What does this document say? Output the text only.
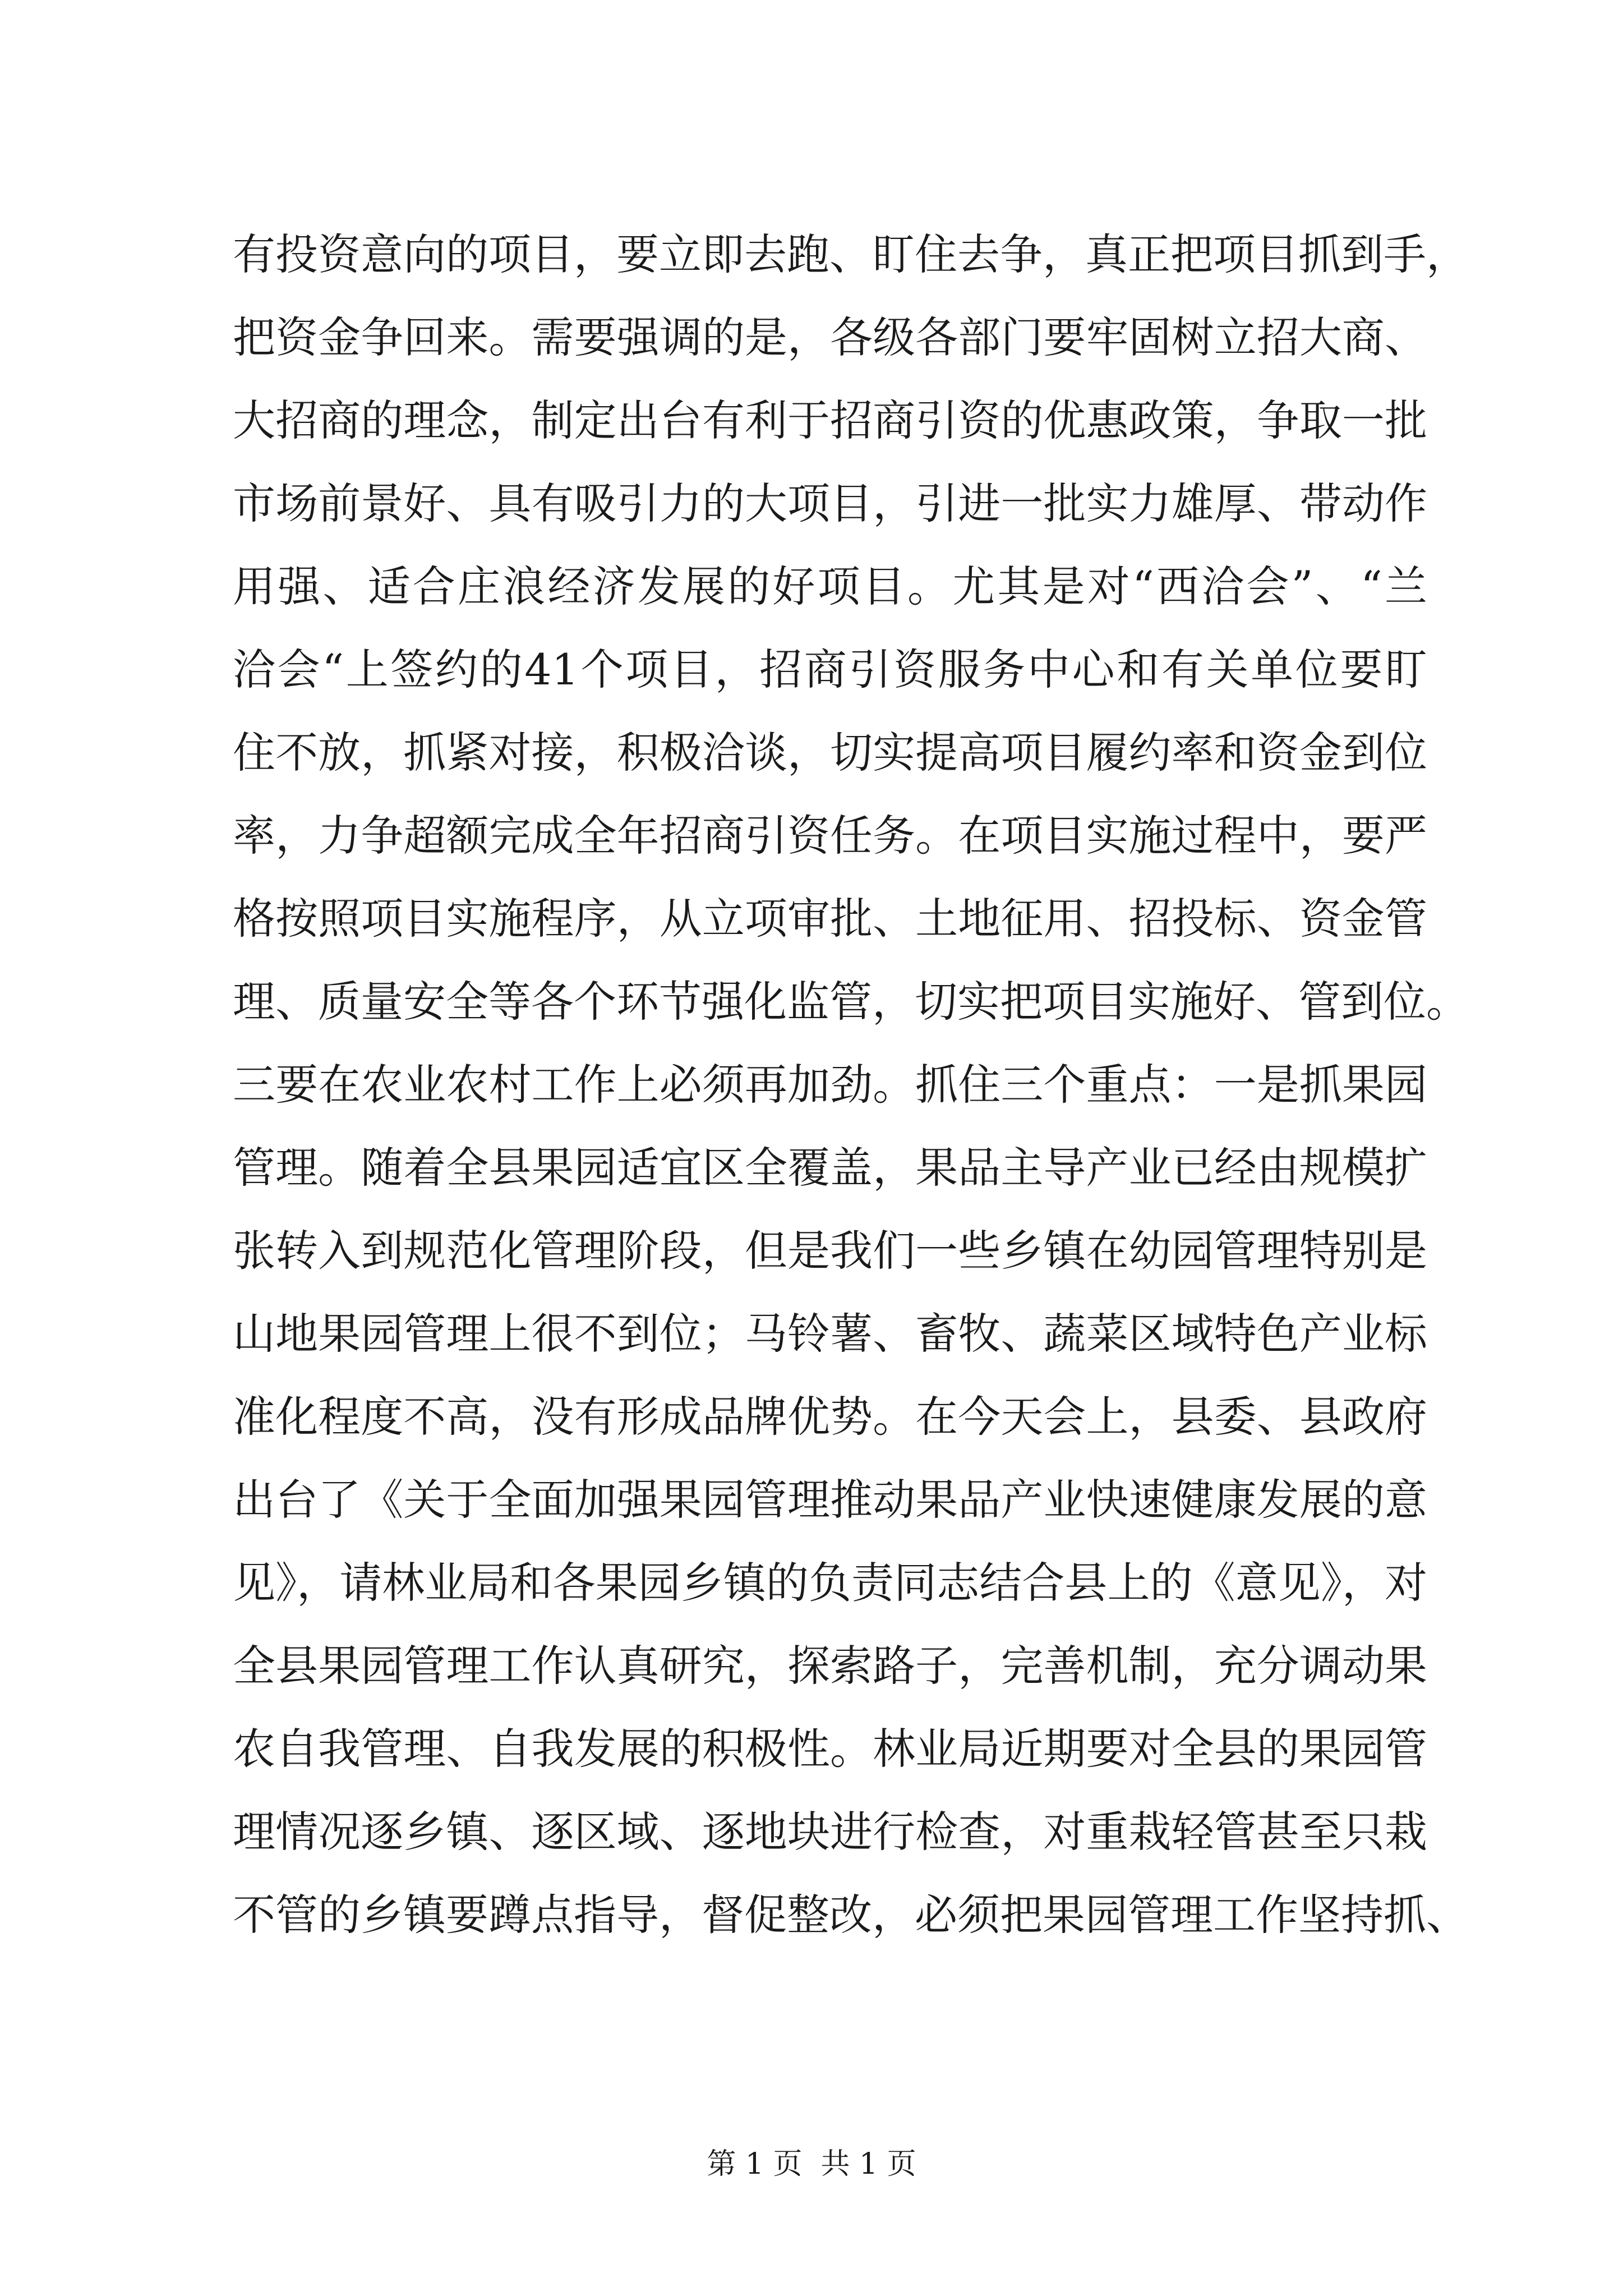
有投资意向的项目，要立即去跑、盯住去争，真正把项目抓到手，
把资金争回来。需要强调的是，各级各部门要牢固树立招大商、
大招商的理念，制定出台有利于招商引资的优惠政策，争取一批
市场前景好、具有吸引力的大项目，引进一批实力雄厚、带动作
用强、适合庄浪经济发展的好项目。尤其是对“西洽会”、“兰
洽会“上签约的41个项目，招商引资服务中心和有关单位要盯
住不放，抓紧对接，积极洽谈，切实提高项目履约率和资金到位
率，力争超额完成全年招商引资任务。在项目实施过程中，要严
格按照项目实施程序，从立项审批、土地征用、招投标、资金管
理、质量安全等各个环节强化监管，切实把项目实施好、管到位。
三要在农业农村工作上必须再加劲。抓住三个重点：一是抓果园
管理。随着全县果园适宜区全覆盖，果品主导产业已经由规模扩
张转入到规范化管理阶段，但是我们一些乡镇在幼园管理特别是
山地果园管理上很不到位；马铃薯、畜牧、蔬菜区域特色产业标
准化程度不高，没有形成品牌优势。在今天会上，县委、县政府
出台了《关于全面加强果园管理推动果品产业快速健康发展的意
见》，请林业局和各果园乡镇的负责同志结合县上的《意见》，对
全县果园管理工作认真研究，探索路子，完善机制，充分调动果
农自我管理、自我发展的积极性。林业局近期要对全县的果园管
理情况逐乡镇、逐区域、逐地块进行检查，对重栽轻管甚至只栽
不管的乡镇要蹲点指导，督促整改，必须把果园管理工作坚持抓、
第 1 页  共 1 页
